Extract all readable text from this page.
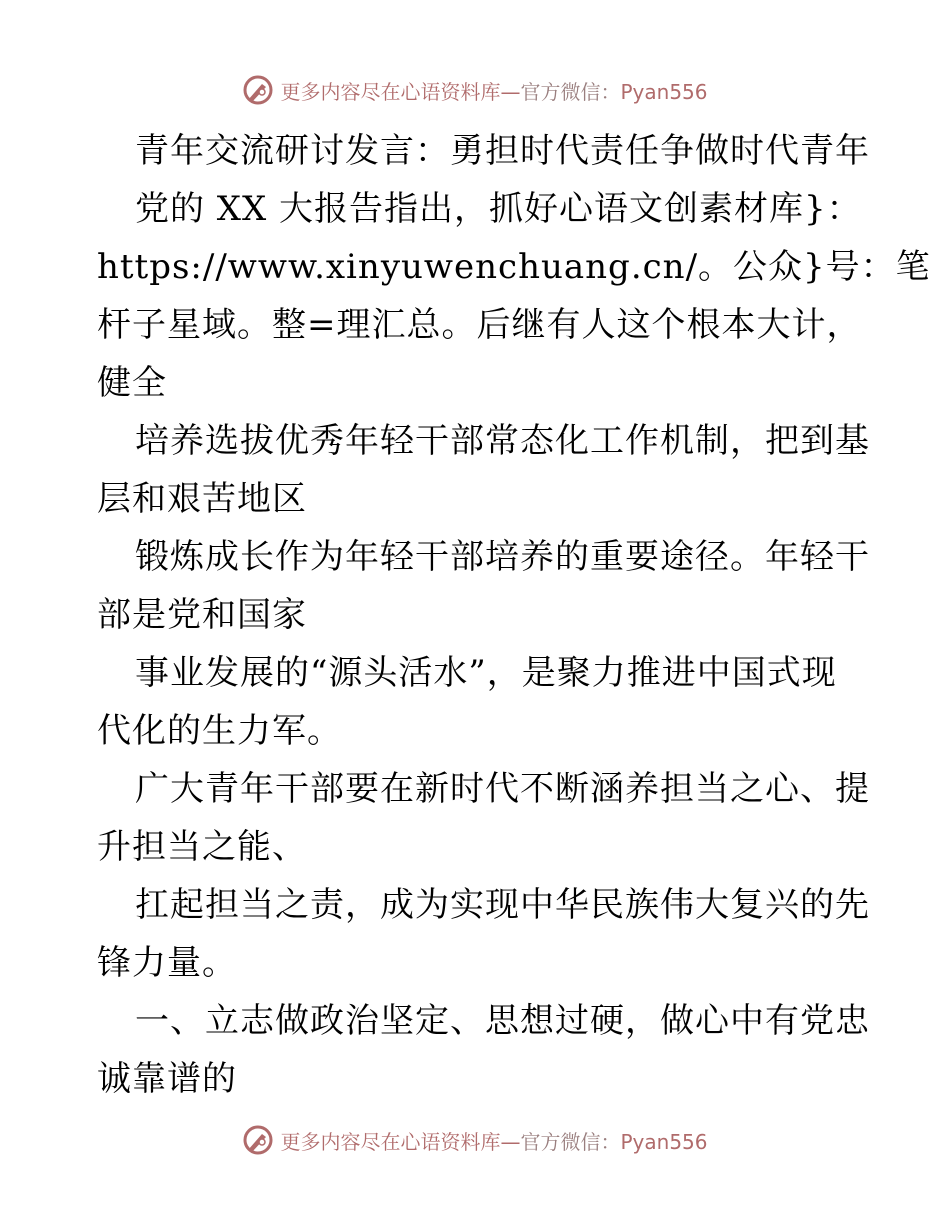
更多内容尽在心语资料库—官方微信：Pyan556
青年交流研讨发言：勇担时代责任争做时代青年
党的 XX 大报告指出，抓好心语文创素材库}：
https://www.xinyuwenchuang.cn/。公众}号：笔
杆子星域。整=理汇总。后继有人这个根本大计，
健全
培养选拔优秀年轻干部常态化工作机制，把到基
层和艰苦地区
锻炼成长作为年轻干部培养的重要途径。年轻干
部是党和国家
事业发展的“源头活水”，是聚力推进中国式现
代化的生力军。
广大青年干部要在新时代不断涵养担当之心、提
升担当之能、
扛起担当之责，成为实现中华民族伟大复兴的先
锋力量。
一、立志做政治坚定、思想过硬，做心中有党忠
诚靠谱的
更多内容尽在心语资料库—官方微信：Pyan556
